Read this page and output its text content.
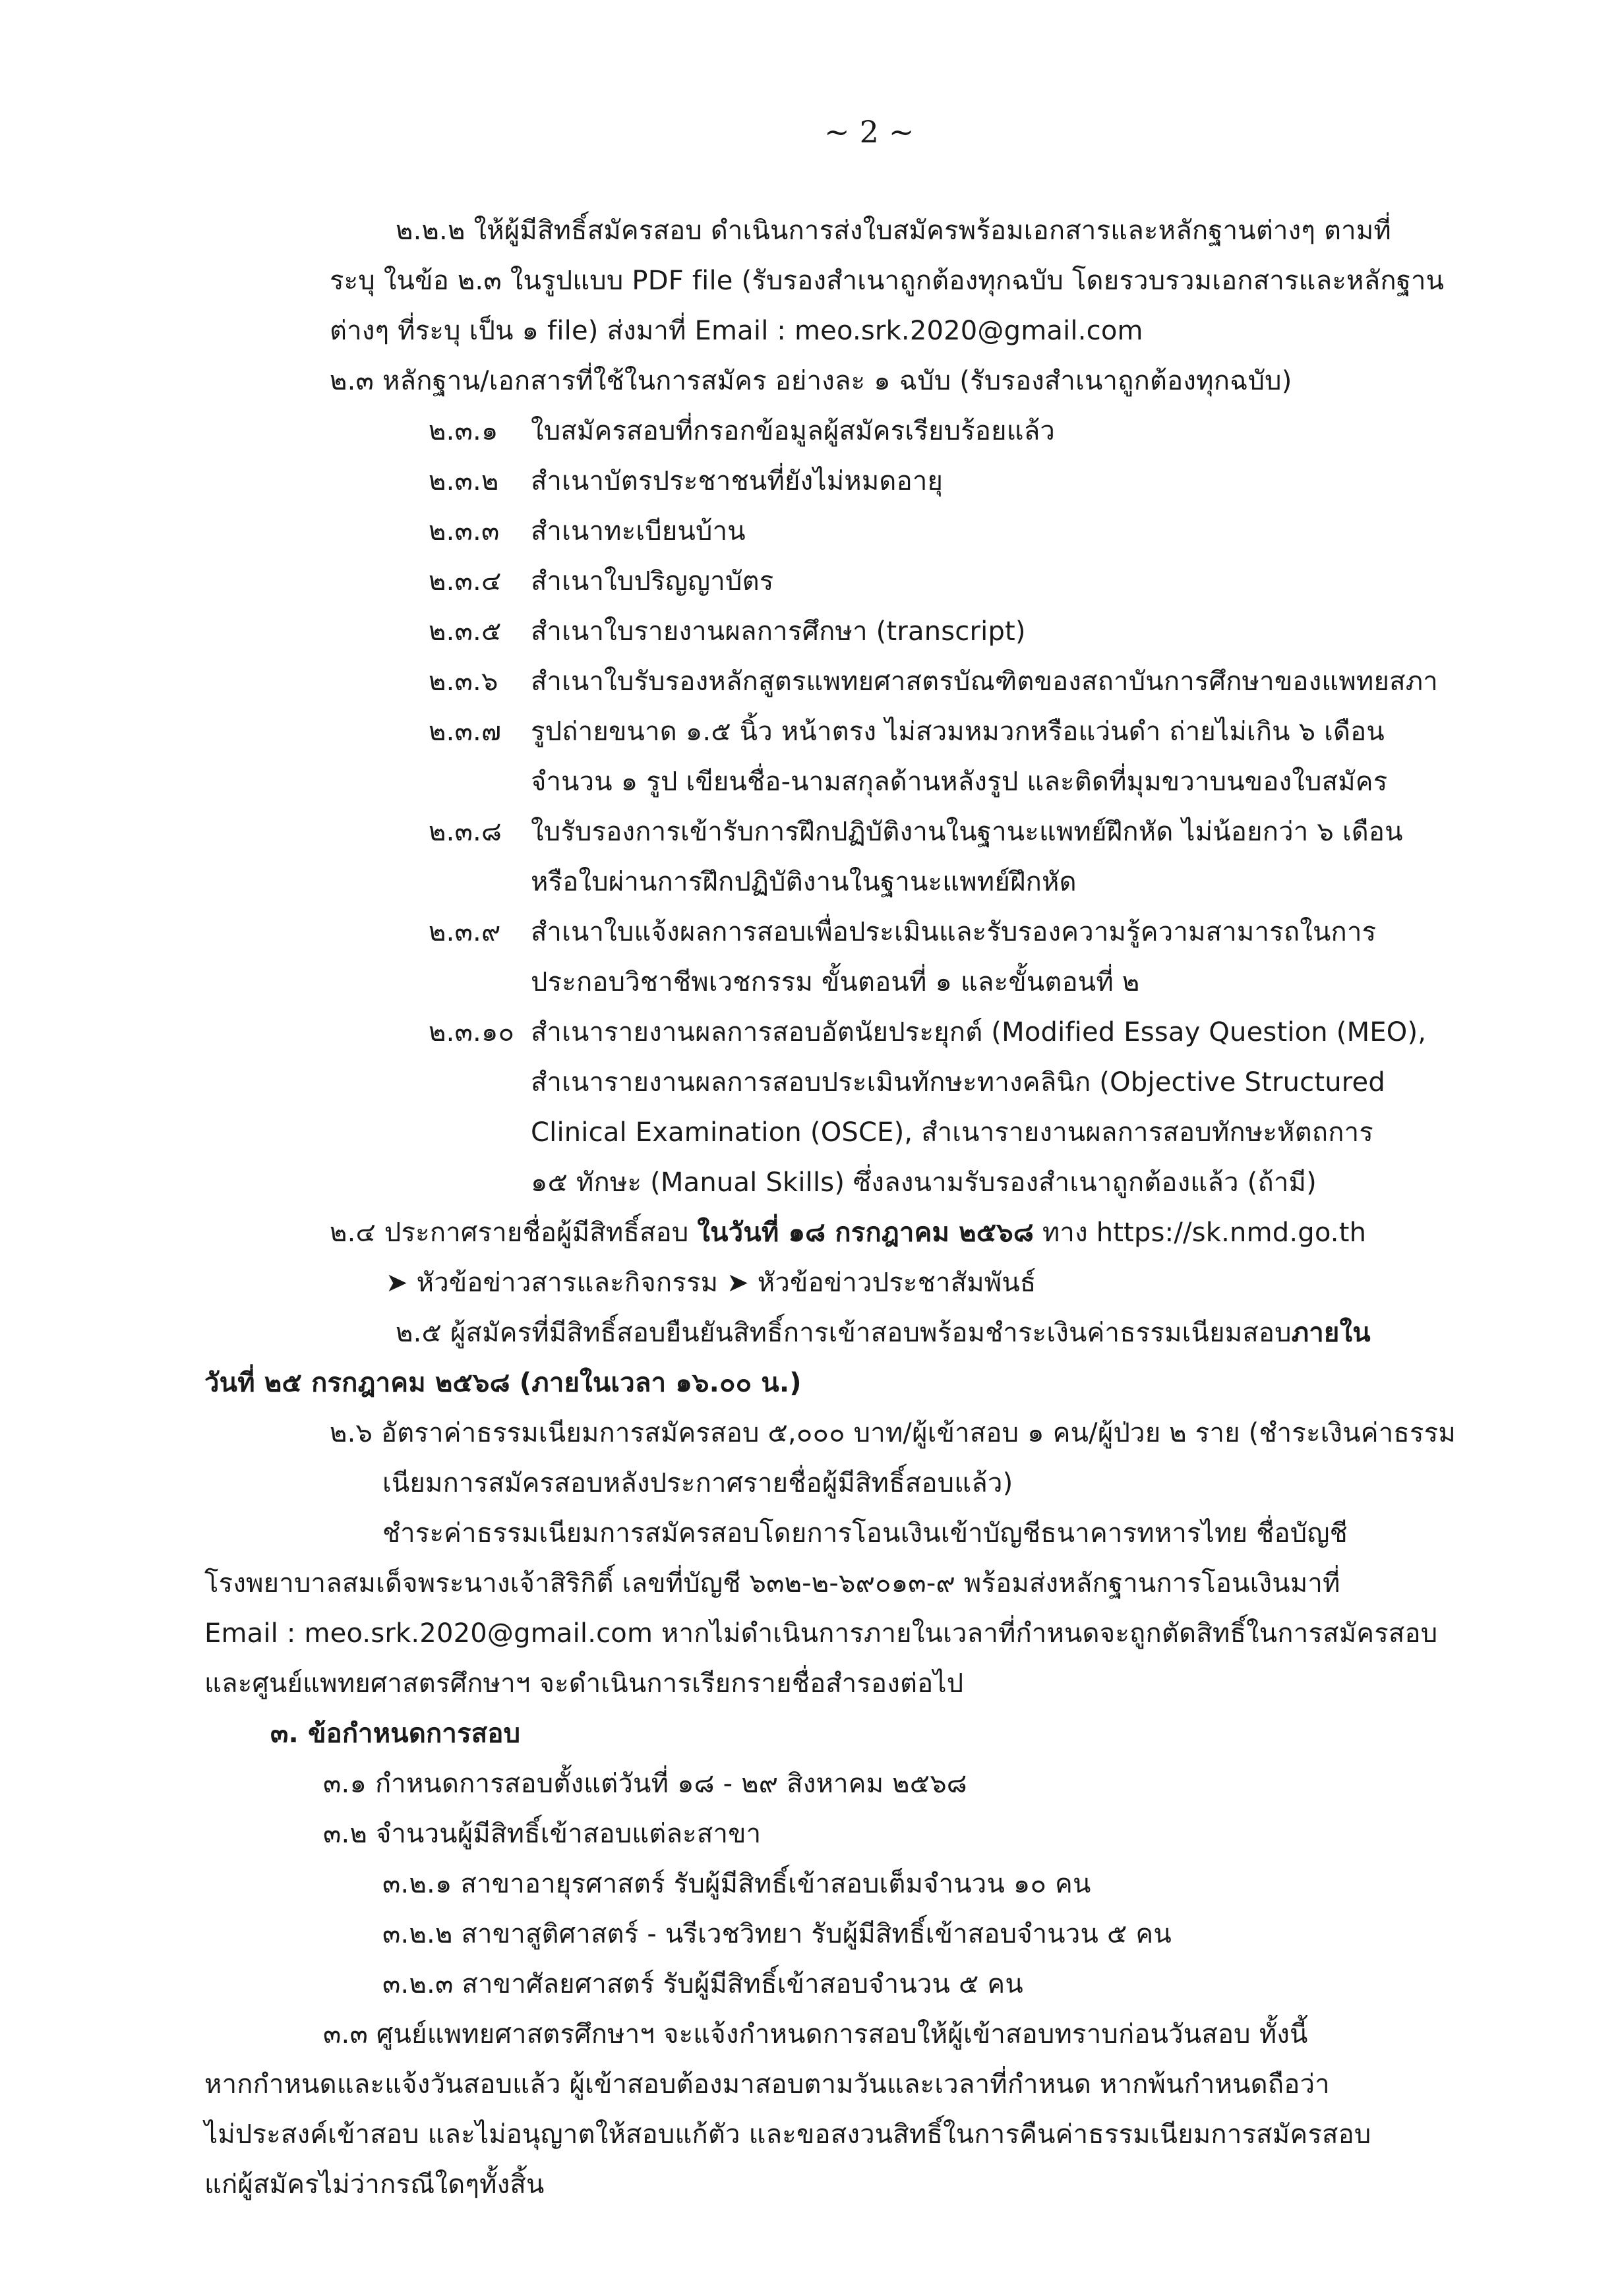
~ 2 ~

๒.๒.๒ ให้ผู้มีสิทธิ์สมัครสอบ ดำเนินการส่งใบสมัครพร้อมเอกสารและหลักฐานต่างๆ ตามที่

ระบุ ในข้อ ๒.๓ ในรูปแบบ PDF file (รับรองสำเนาถูกต้องทุกฉบับ โดยรวบรวมเอกสารและหลักฐาน

ต่างๆ ที่ระบุ เป็น ๑ file) ส่งมาที่ Email : meo.srk.2020@gmail.com

๒.๓ หลักฐาน/เอกสารที่ใช้ในการสมัคร อย่างละ ๑ ฉบับ (รับรองสำเนาถูกต้องทุกฉบับ)

๒.๓.๑ ใบสมัครสอบที่กรอกข้อมูลผู้สมัครเรียบร้อยแล้ว

๒.๓.๒ สำเนาบัตรประชาชนที่ยังไม่หมดอายุ

๒.๓.๓ สำเนาทะเบียนบ้าน

๒.๓.๔ สำเนาใบปริญญาบัตร

๒.๓.๕ สำเนาใบรายงานผลการศึกษา (transcript)

๒.๓.๖ สำเนาใบรับรองหลักสูตรแพทยศาสตรบัณฑิตของสถาบันการศึกษาของแพทยสภา

๒.๓.๗ รูปถ่ายขนาด ๑.๕ นิ้ว หน้าตรง ไม่สวมหมวกหรือแว่นดำ ถ่ายไม่เกิน ๖ เดือน

จำนวน ๑ รูป เขียนชื่อ-นามสกุลด้านหลังรูป และติดที่มุมขวาบนของใบสมัคร

๒.๓.๘ ใบรับรองการเข้ารับการฝึกปฏิบัติงานในฐานะแพทย์ฝึกหัด ไม่น้อยกว่า ๖ เดือน

หรือใบผ่านการฝึกปฏิบัติงานในฐานะแพทย์ฝึกหัด

๒.๓.๙ สำเนาใบแจ้งผลการสอบเพื่อประเมินและรับรองความรู้ความสามารถในการ

ประกอบวิชาชีพเวชกรรม ขั้นตอนที่ ๑ และขั้นตอนที่ ๒

๒.๓.๑๐ สำเนารายงานผลการสอบอัตนัยประยุกต์ (Modified Essay Question (MEO),

สำเนารายงานผลการสอบประเมินทักษะทางคลินิก (Objective Structured

Clinical Examination (OSCE), สำเนารายงานผลการสอบทักษะหัตถการ

๑๕ ทักษะ (Manual Skills) ซึ่งลงนามรับรองสำเนาถูกต้องแล้ว (ถ้ามี)

๒.๔ ประกาศรายชื่อผู้มีสิทธิ์สอบ ในวันที่ ๑๘ กรกฎาคม ๒๕๖๘ ทาง https://sk.nmd.go.th

➤ หัวข้อข่าวสารและกิจกรรม ➤ หัวข้อข่าวประชาสัมพันธ์

๒.๕ ผู้สมัครที่มีสิทธิ์สอบยืนยันสิทธิ์การเข้าสอบพร้อมชำระเงินค่าธรรมเนียมสอบภายใน

วันที่ ๒๕ กรกฎาคม ๒๕๖๘ (ภายในเวลา ๑๖.๐๐ น.)

๒.๖ อัตราค่าธรรมเนียมการสมัครสอบ ๕,๐๐๐ บาท/ผู้เข้าสอบ ๑ คน/ผู้ป่วย ๒ ราย (ชำระเงินค่าธรรม

เนียมการสมัครสอบหลังประกาศรายชื่อผู้มีสิทธิ์สอบแล้ว)

ชำระค่าธรรมเนียมการสมัครสอบโดยการโอนเงินเข้าบัญชีธนาคารทหารไทย ชื่อบัญชี

โรงพยาบาลสมเด็จพระนางเจ้าสิริกิติ์ เลขที่บัญชี ๖๓๒-๒-๖๙๐๑๓-๙ พร้อมส่งหลักฐานการโอนเงินมาที่

Email : meo.srk.2020@gmail.com หากไม่ดำเนินการภายในเวลาที่กำหนดจะถูกตัดสิทธิ์ในการสมัครสอบ

และศูนย์แพทยศาสตรศึกษาฯ จะดำเนินการเรียกรายชื่อสำรองต่อไป

๓. ข้อกำหนดการสอบ

๓.๑ กำหนดการสอบตั้งแต่วันที่ ๑๘ - ๒๙ สิงหาคม ๒๕๖๘

๓.๒ จำนวนผู้มีสิทธิ์เข้าสอบแต่ละสาขา

๓.๒.๑ สาขาอายุรศาสตร์ รับผู้มีสิทธิ์เข้าสอบเต็มจำนวน ๑๐ คน

๓.๒.๒ สาขาสูติศาสตร์ - นรีเวชวิทยา รับผู้มีสิทธิ์เข้าสอบจำนวน ๕ คน

๓.๒.๓ สาขาศัลยศาสตร์ รับผู้มีสิทธิ์เข้าสอบจำนวน ๕ คน

๓.๓ ศูนย์แพทยศาสตรศึกษาฯ จะแจ้งกำหนดการสอบให้ผู้เข้าสอบทราบก่อนวันสอบ ทั้งนี้

หากกำหนดและแจ้งวันสอบแล้ว ผู้เข้าสอบต้องมาสอบตามวันและเวลาที่กำหนด หากพ้นกำหนดถือว่า

ไม่ประสงค์เข้าสอบ และไม่อนุญาตให้สอบแก้ตัว และขอสงวนสิทธิ์ในการคืนค่าธรรมเนียมการสมัครสอบ

แก่ผู้สมัครไม่ว่ากรณีใดๆทั้งสิ้น
